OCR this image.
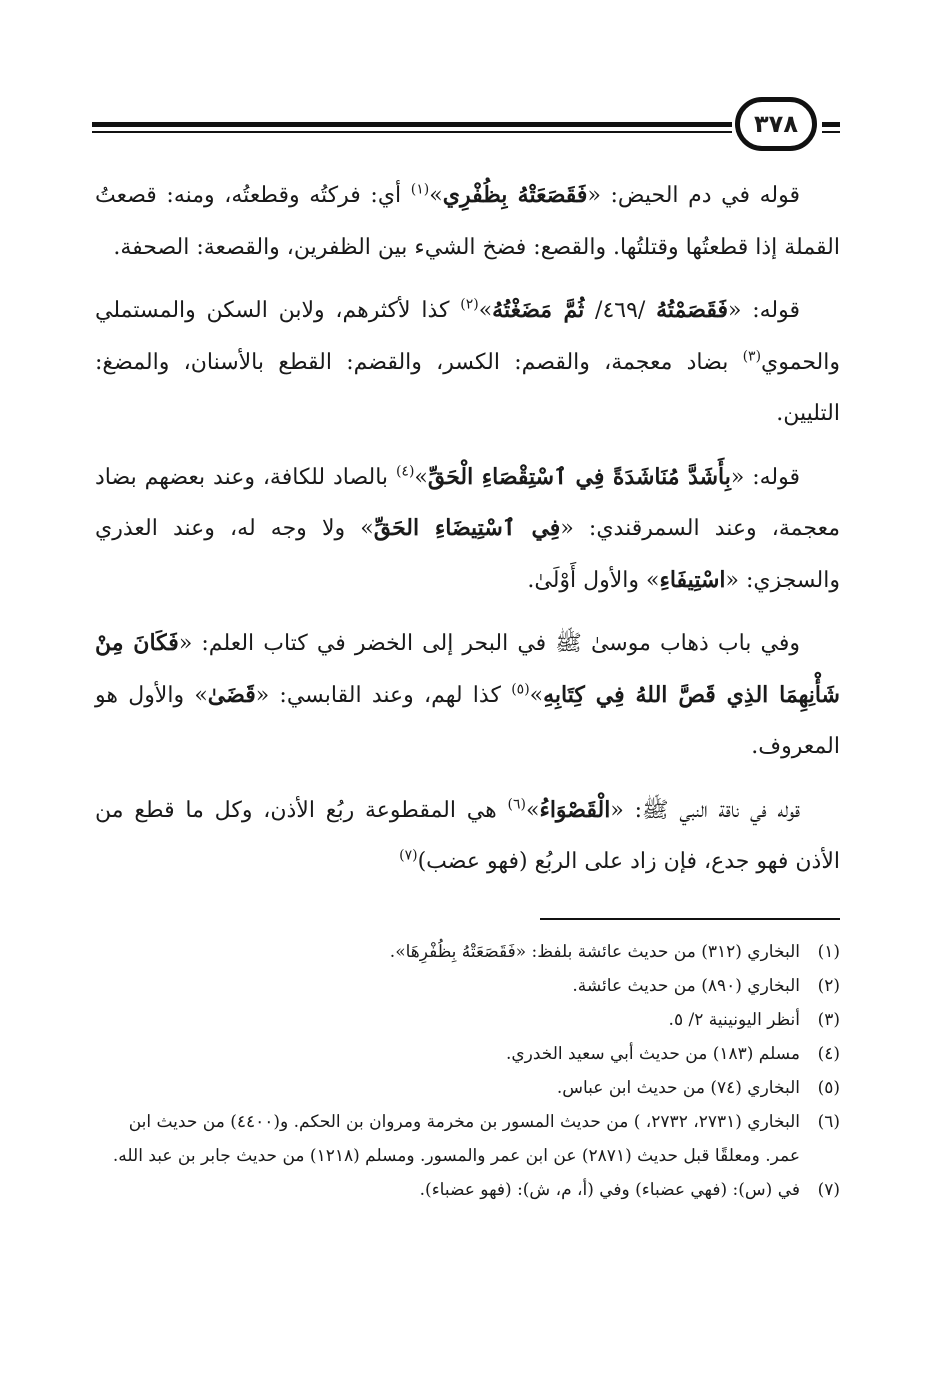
٣٧٨

قوله في دم الحيض: «فَقَصَعَتْهُ بِظُفْرِي»$^{(١)}$ أي: فركتُه وقطعتُه، ومنه: قصعتُ القملة إذا قطعتُها وقتلتُها. والقصع: فضخ الشيء بين الظفرين، والقصعة: الصحفة.

قوله: «فَقَصَمْتُهُ /٤٦٩/ ثُمَّ مَضَغْتُهُ»$^{(٢)}$ كذا لأكثرهم، ولابن السكن والمستملي والحموي$^{(٣)}$ بضاد معجمة، والقصم: الكسر، والقضم: القطع بالأسنان، والمضغ: التليين.

قوله: «بِأَشَدَّ مُنَاشَدَةً فِي ٱسْتِقْصَاءِ الْحَقِّ»$^{(٤)}$ بالصاد للكافة، وعند بعضهم بضاد معجمة، وعند السمرقندي: «فِي ٱسْتِيضَاءِ الحَقِّ» ولا وجه له، وعند العذري والسجزي: «اسْتِيفَاءِ» والأول أَوْلَىٰ.

وفي باب ذهاب موسىٰ ﷺ في البحر إلى الخضر في كتاب العلم: «فَكَانَ مِنْ شَأْنِهِمَا الذِي قَصَّ اللهُ فِي كِتَابِهِ»$^{(٥)}$ كذا لهم، وعند القابسي: «قَضَىٰ» والأول هو المعروف.

قوله في ناقة النبي ﷺ: «الْقَصْوَاءُ»$^{(٦)}$ هي المقطوعة ربُع الأذن، وكل ما قطع من الأذن فهو جدع، فإن زاد على الربُع (فهو عضب)$^{(٧)}$

(١)
البخاري (٣١٢) من حديث عائشة بلفظ: «فَقَصَعَتْهُ بِظُفْرِهَا».
(٢)
البخاري (٨٩٠) من حديث عائشة.
(٣)
أنظر اليونينية ٢/ ٥.
(٤)
مسلم (١٨٣) من حديث أبي سعيد الخدري.
(٥)
البخاري (٧٤) من حديث ابن عباس.
(٦)
البخاري (٢٧٣١، ٢٧٣٢، ) من حديث المسور بن مخرمة ومروان بن الحكم. و(٤٤٠٠) من حديث ابن عمر. ومعلقًا قبل حديث (٢٨٧١) عن ابن عمر والمسور. ومسلم (١٢١٨) من حديث جابر بن عبد الله.
(٧)
في (س): (فهي عضباء) وفي (أ، م، ش): (فهو عضباء).
